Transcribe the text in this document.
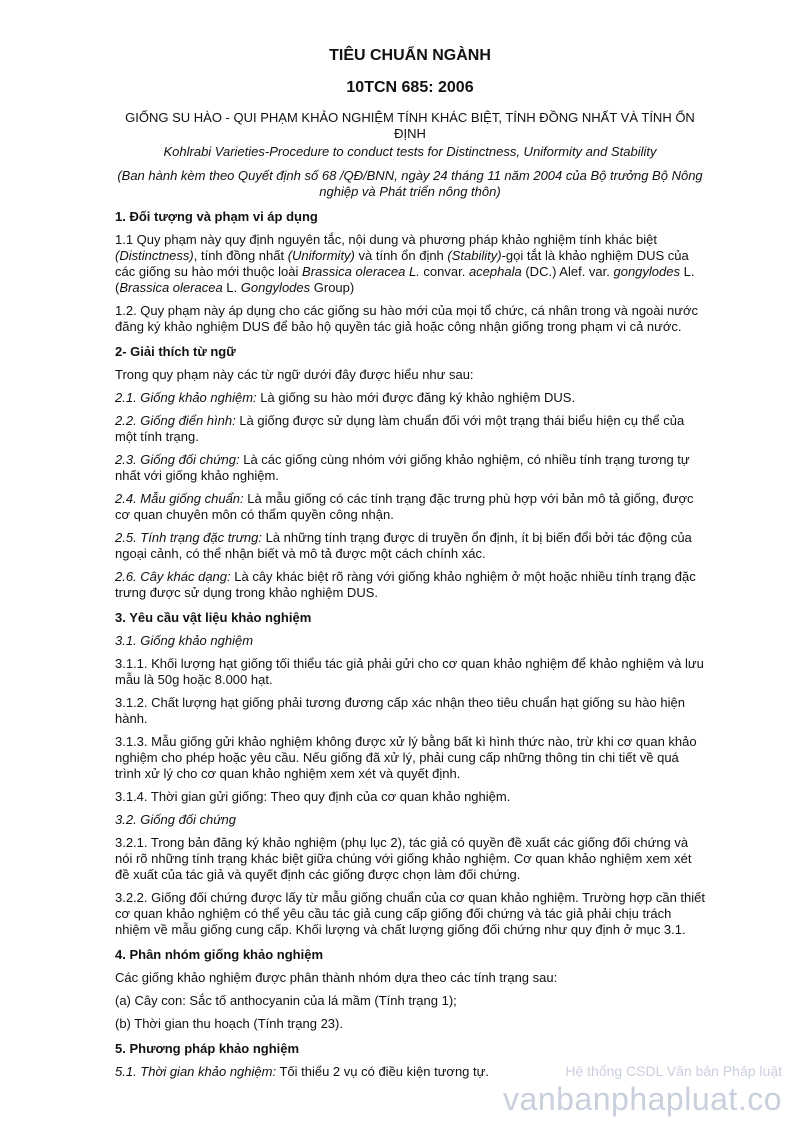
TIÊU CHUẨN NGÀNH
10TCN 685: 2006
GIỐNG SU HÀO - QUI PHẠM KHẢO NGHIỆM TÍNH KHÁC BIỆT, TÍNH ĐỒNG NHẤT VÀ TÍNH ỔN ĐỊNH
Kohlrabi Varieties-Procedure to conduct tests for Distinctness, Uniformity and Stability
(Ban hành kèm theo Quyết định số 68 /QĐ/BNN, ngày 24 tháng 11 năm 2004 của Bộ trưởng Bộ Nông nghiệp và Phát triển nông thôn)
1. Đối tượng và phạm vi áp dụng

1.1 Quy phạm này quy định nguyên tắc, nội dung và phương pháp khảo nghiệm tính khác biệt (Distinctness), tính đồng nhất (Uniformity) và tính ổn định (Stability)-gọi tắt là khảo nghiệm DUS của các giống su hào mới thuộc loài Brassica oleracea L. convar. acephala (DC.) Alef. var. gongylodes L. (Brassica oleracea L. Gongylodes Group)

1.2. Quy phạm này áp dụng cho các giống su hào mới của mọi tổ chức, cá nhân trong và ngoài nước đăng ký khảo nghiệm DUS để bảo hộ quyền tác giả hoặc công nhận giống trong phạm vi cả nước.

2- Giải thích từ ngữ

Trong quy phạm này các từ ngữ dưới đây được hiểu như sau:

2.1. Giống khảo nghiệm: Là giống su hào mới được đăng ký khảo nghiệm DUS.

2.2. Giống điển hình: Là giống được sử dụng làm chuẩn đối với một trạng thái biểu hiện cụ thể của một tính trạng.

2.3. Giống đối chứng: Là các giống cùng nhóm với giống khảo nghiệm, có nhiều tính trạng tương tự nhất với giống khảo nghiệm.

2.4. Mẫu giống chuẩn: Là mẫu giống có các tính trạng đặc trưng phù hợp với bản mô tả giống, được cơ quan chuyên môn có thẩm quyền công nhận.

2.5. Tính trạng đặc trưng: Là những tính trạng được di truyền ổn định, ít bị biến đổi bởi tác động của ngoại cảnh, có thể nhận biết và mô tả được một cách chính xác.

2.6. Cây khác dạng: Là cây khác biệt rõ ràng với giống khảo nghiệm ở một hoặc nhiều tính trạng đặc trưng được sử dụng trong khảo nghiệm DUS.

3. Yêu cầu vật liệu khảo nghiệm

3.1. Giống khảo nghiệm

3.1.1. Khối lượng hạt giống tối thiểu tác giả phải gửi cho cơ quan khảo nghiệm để khảo nghiệm và lưu mẫu là 50g hoặc 8.000 hạt.

3.1.2. Chất lượng hạt giống phải tương đương cấp xác nhận theo tiêu chuẩn hạt giống su hào hiện hành.

3.1.3. Mẫu giống gửi khảo nghiệm không được xử lý bằng bất kì hình thức nào, trừ khi cơ quan khảo nghiệm cho phép hoặc yêu cầu. Nếu giống đã xử lý, phải cung cấp những thông tin chi tiết về quá trình xử lý cho cơ quan khảo nghiệm xem xét và quyết định.

3.1.4. Thời gian gửi giống: Theo quy định của cơ quan khảo nghiệm.

3.2. Giống đối chứng

3.2.1. Trong bản đăng ký khảo nghiệm (phụ lục 2), tác giả có quyền đề xuất các giống đối chứng và nói rõ những tính trạng khác biệt giữa chúng với giống khảo nghiệm. Cơ quan khảo nghiệm xem xét đề xuất của tác giả và quyết định các giống được chọn làm đối chứng.

3.2.2. Giống đối chứng được lấy từ mẫu giống chuẩn của cơ quan khảo nghiệm. Trường hợp cần thiết cơ quan khảo nghiệm có thể yêu cầu tác giả cung cấp giống đối chứng và tác giả phải chịu trách nhiệm về mẫu giống cung cấp. Khối lượng và chất lượng giống đối chứng như quy định ở mục 3.1.

4. Phân nhóm giống khảo nghiệm

Các giống khảo nghiệm được phân thành nhóm dựa theo các tính trạng sau:

(a) Cây con: Sắc tố anthocyanin của lá mầm (Tính trạng 1);

(b) Thời gian thu hoạch (Tính trạng 23).

5. Phương pháp khảo nghiệm

5.1. Thời gian khảo nghiệm: Tối thiểu 2 vụ có điều kiện tương tự.	Hệ thống CSDL Văn bản Pháp luật
vanbanphapluat.co
